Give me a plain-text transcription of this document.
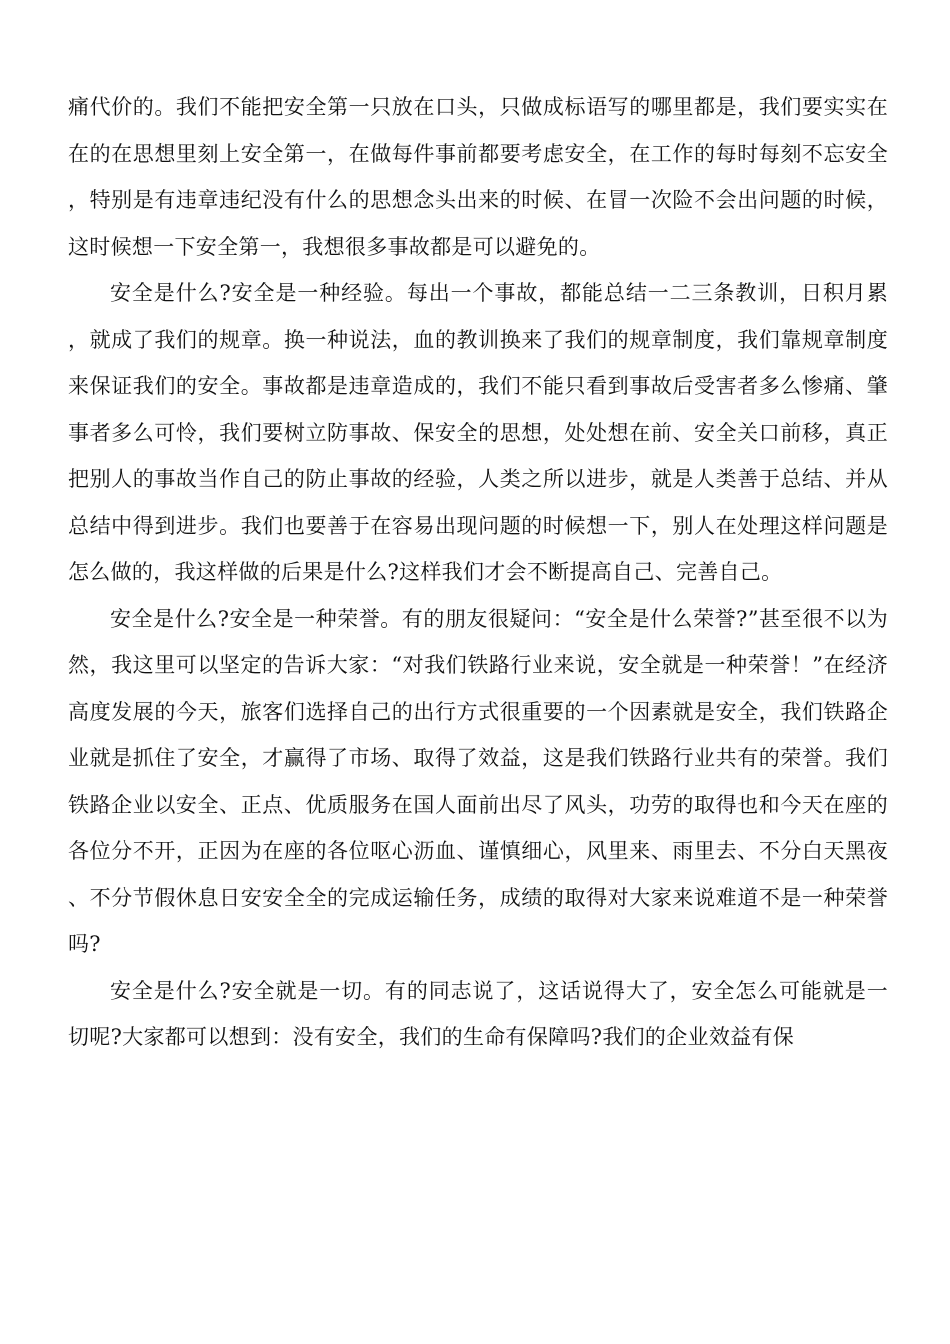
痛代价的。我们不能把安全第一只放在口头，只做成标语写的哪里都是，我们要实实在在的在思想里刻上安全第一，在做每件事前都要考虑安全，在工作的每时每刻不忘安全，特别是有违章违纪没有什么的思想念头出来的时候、在冒一次险不会出问题的时候，这时候想一下安全第一，我想很多事故都是可以避免的。

安全是什么?安全是一种经验。每出一个事故，都能总结一二三条教训，日积月累，就成了我们的规章。换一种说法，血的教训换来了我们的规章制度，我们靠规章制度来保证我们的安全。事故都是违章造成的，我们不能只看到事故后受害者多么惨痛、肇事者多么可怜，我们要树立防事故、保安全的思想，处处想在前、安全关口前移，真正把别人的事故当作自己的防止事故的经验，人类之所以进步，就是人类善于总结、并从总结中得到进步。我们也要善于在容易出现问题的时候想一下，别人在处理这样问题是怎么做的，我这样做的后果是什么?这样我们才会不断提高自己、完善自己。

安全是什么?安全是一种荣誉。有的朋友很疑问：“安全是什么荣誉?”甚至很不以为然，我这里可以坚定的告诉大家：“对我们铁路行业来说，安全就是一种荣誉！”在经济高度发展的今天，旅客们选择自己的出行方式很重要的一个因素就是安全，我们铁路企业就是抓住了安全，才赢得了市场、取得了效益，这是我们铁路行业共有的荣誉。我们铁路企业以安全、正点、优质服务在国人面前出尽了风头，功劳的取得也和今天在座的各位分不开，正因为在座的各位呕心沥血、谨慎细心，风里来、雨里去、不分白天黑夜、不分节假休息日安安全全的完成运输任务，成绩的取得对大家来说难道不是一种荣誉吗?

安全是什么?安全就是一切。有的同志说了，这话说得大了，安全怎么可能就是一切呢?大家都可以想到：没有安全，我们的生命有保障吗?我们的企业效益有保
